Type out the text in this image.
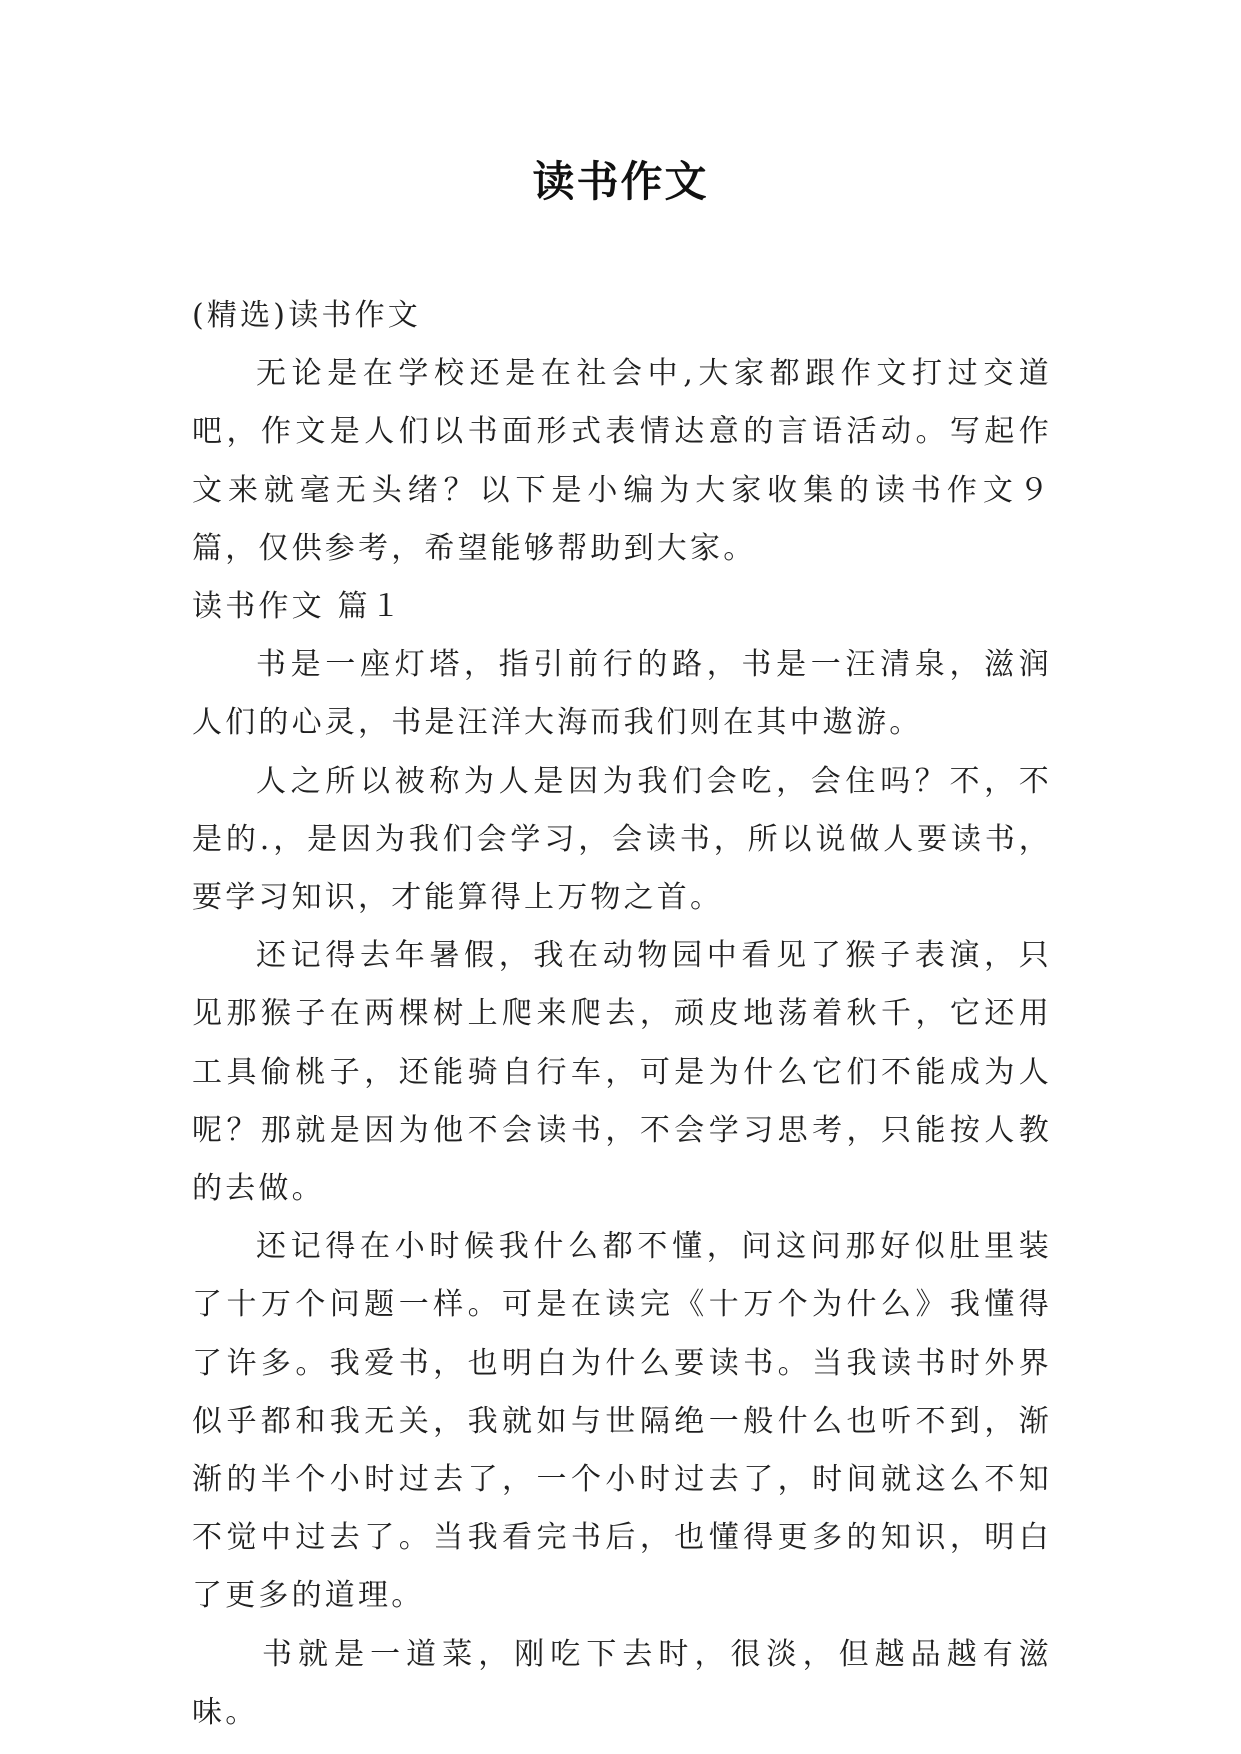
读书作文

(精选)读书作文

无论是在学校还是在社会中,大家都跟作文打过交道吧，作文是人们以书面形式表情达意的言语活动。写起作文来就毫无头绪？以下是小编为大家收集的读书作文９篇，仅供参考，希望能够帮助到大家。

读书作文 篇１

书是一座灯塔，指引前行的路，书是一汪清泉，滋润人们的心灵，书是汪洋大海而我们则在其中遨游。

人之所以被称为人是因为我们会吃，会住吗？不，不是的.，是因为我们会学习，会读书，所以说做人要读书，要学习知识，才能算得上万物之首。

还记得去年暑假，我在动物园中看见了猴子表演，只见那猴子在两棵树上爬来爬去，顽皮地荡着秋千，它还用工具偷桃子，还能骑自行车，可是为什么它们不能成为人呢？那就是因为他不会读书，不会学习思考，只能按人教的去做。

还记得在小时候我什么都不懂，问这问那好似肚里装了十万个问题一样。可是在读完《十万个为什么》我懂得了许多。我爱书，也明白为什么要读书。当我读书时外界似乎都和我无关，我就如与世隔绝一般什么也听不到，渐渐的半个小时过去了，一个小时过去了，时间就这么不知不觉中过去了。当我看完书后，也懂得更多的知识，明白了更多的道理。

书就是一道菜，刚吃下去时，很淡，但越品越有滋味。
